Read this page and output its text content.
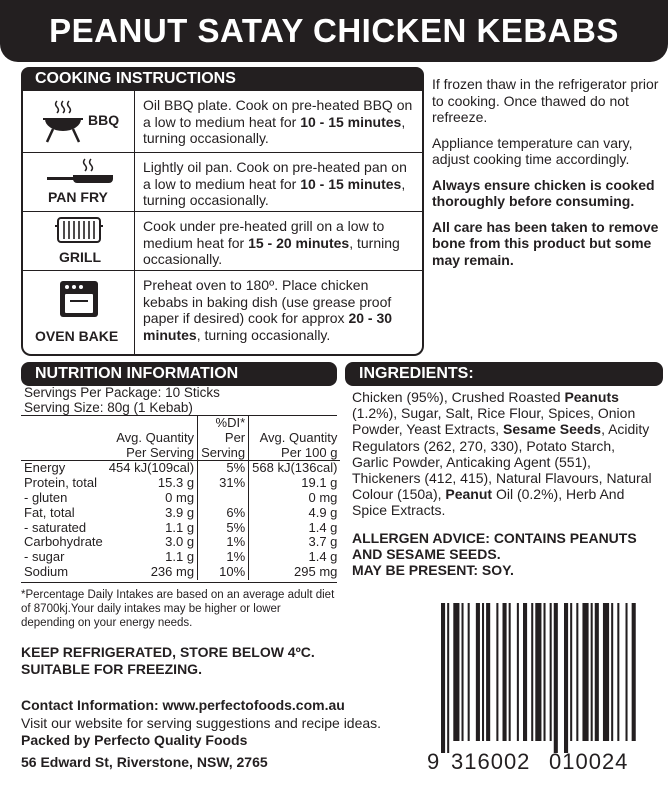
PEANUT SATAY CHICKEN KEBABS
COOKING INSTRUCTIONS
BBQ
Oil BBQ plate. Cook on pre-heated BBQ on a low to medium heat for 10 - 15 minutes, turning occasionally.
PAN FRY
Lightly oil pan. Cook on pre-heated pan on a low to medium heat for 10 - 15 minutes, turning occasionally.
GRILL
Cook under pre-heated grill on a low to medium heat for 15 - 20 minutes, turning occasionally.
OVEN BAKE
Preheat oven to 180º. Place chicken kebabs in baking dish (use grease proof paper if desired) cook for approx 20 - 30 minutes, turning occasionally.

If frozen thaw in the refrigerator prior to cooking. Once thawed do not refreeze.

Appliance temperature can vary, adjust cooking time accordingly.

Always ensure chicken is cooked thoroughly before consuming.

All care has been taken to remove bone from this product but some may remain.

NUTRITION INFORMATION
Servings Per Package: 10 Sticks
Serving Size: 80g (1 Kebab)
	Avg. Quantity
Per Serving	%DI*
Per Serving	Avg. Quantity
Per 100 g
Energy	454 kJ(109cal)	5%	568 kJ(136cal)
Protein, total	15.3 g	31%	19.1 g
- gluten	0 mg		0 mg
Fat, total	3.9 g	6%	4.9 g
- saturated	1.1 g	5%	1.4 g
Carbohydrate	3.0 g	1%	3.7 g
- sugar	1.1 g	1%	1.4 g
Sodium	236 mg	10%	295 mg
*Percentage Daily Intakes are based on an average adult diet of 8700kj.Your daily intakes may be higher or lower depending on your energy needs.
KEEP REFRIGERATED, STORE BELOW 4ºC.
SUITABLE FOR FREEZING.
Contact Information: www.perfectofoods.com.au
Visit our website for serving suggestions and recipe ideas.
Packed by Perfecto Quality Foods
56 Edward St, Riverstone, NSW, 2765
INGREDIENTS:

Chicken (95%), Crushed Roasted Peanuts (1.2%), Sugar, Salt, Rice Flour, Spices, Onion Powder, Yeast Extracts, Sesame Seeds, Acidity Regulators (262, 270, 330), Potato Starch, Garlic Powder, Anticaking Agent (551), Thickeners (412, 415), Natural Flavours, Natural Colour (150a), Peanut Oil (0.2%), Herb And Spice Extracts.

ALLERGEN ADVICE: CONTAINS PEANUTS AND SESAME SEEDS.

MAY BE PRESENT: SOY.

9 316002 010024
